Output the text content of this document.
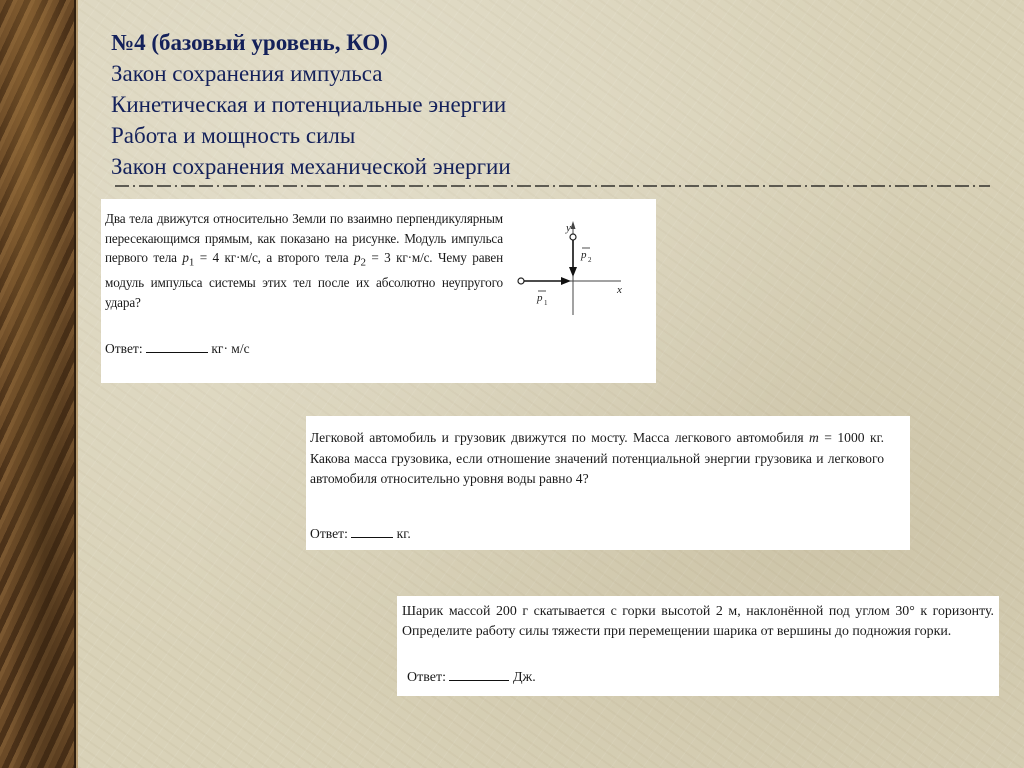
№4 (базовый уровень, КО)
Закон сохранения импульса
Кинетическая и потенциальные энергии
Работа и мощность силы
Закон сохранения механической энергии

Два тела движутся относительно Земли по взаимно перпендикулярным пересекающимся прямым, как показано на рисунке. Модуль импульса первого тела $p_1 = 4$ кг·м/с, а второго тела $p_2 = 3$ кг·м/с. Чему равен модуль импульса системы этих тел после их абсолютно неупругого удара?

Ответ:	кг· м/с
y
x
p 2
p 1

Легковой автомобиль и грузовик движутся по мосту. Масса легкового автомобиля m = 1000 кг. Какова масса грузовика, если отношение значений потенциальной энергии грузовика и легкового автомобиля относительно уровня воды равно 4?

Ответ:	кг.

Шарик массой 200 г скатывается с горки высотой 2 м, наклонённой под углом 30° к горизонту. Определите работу силы тяжести при перемещении шарика от вершины до подножия горки.

Ответ:	Дж.
